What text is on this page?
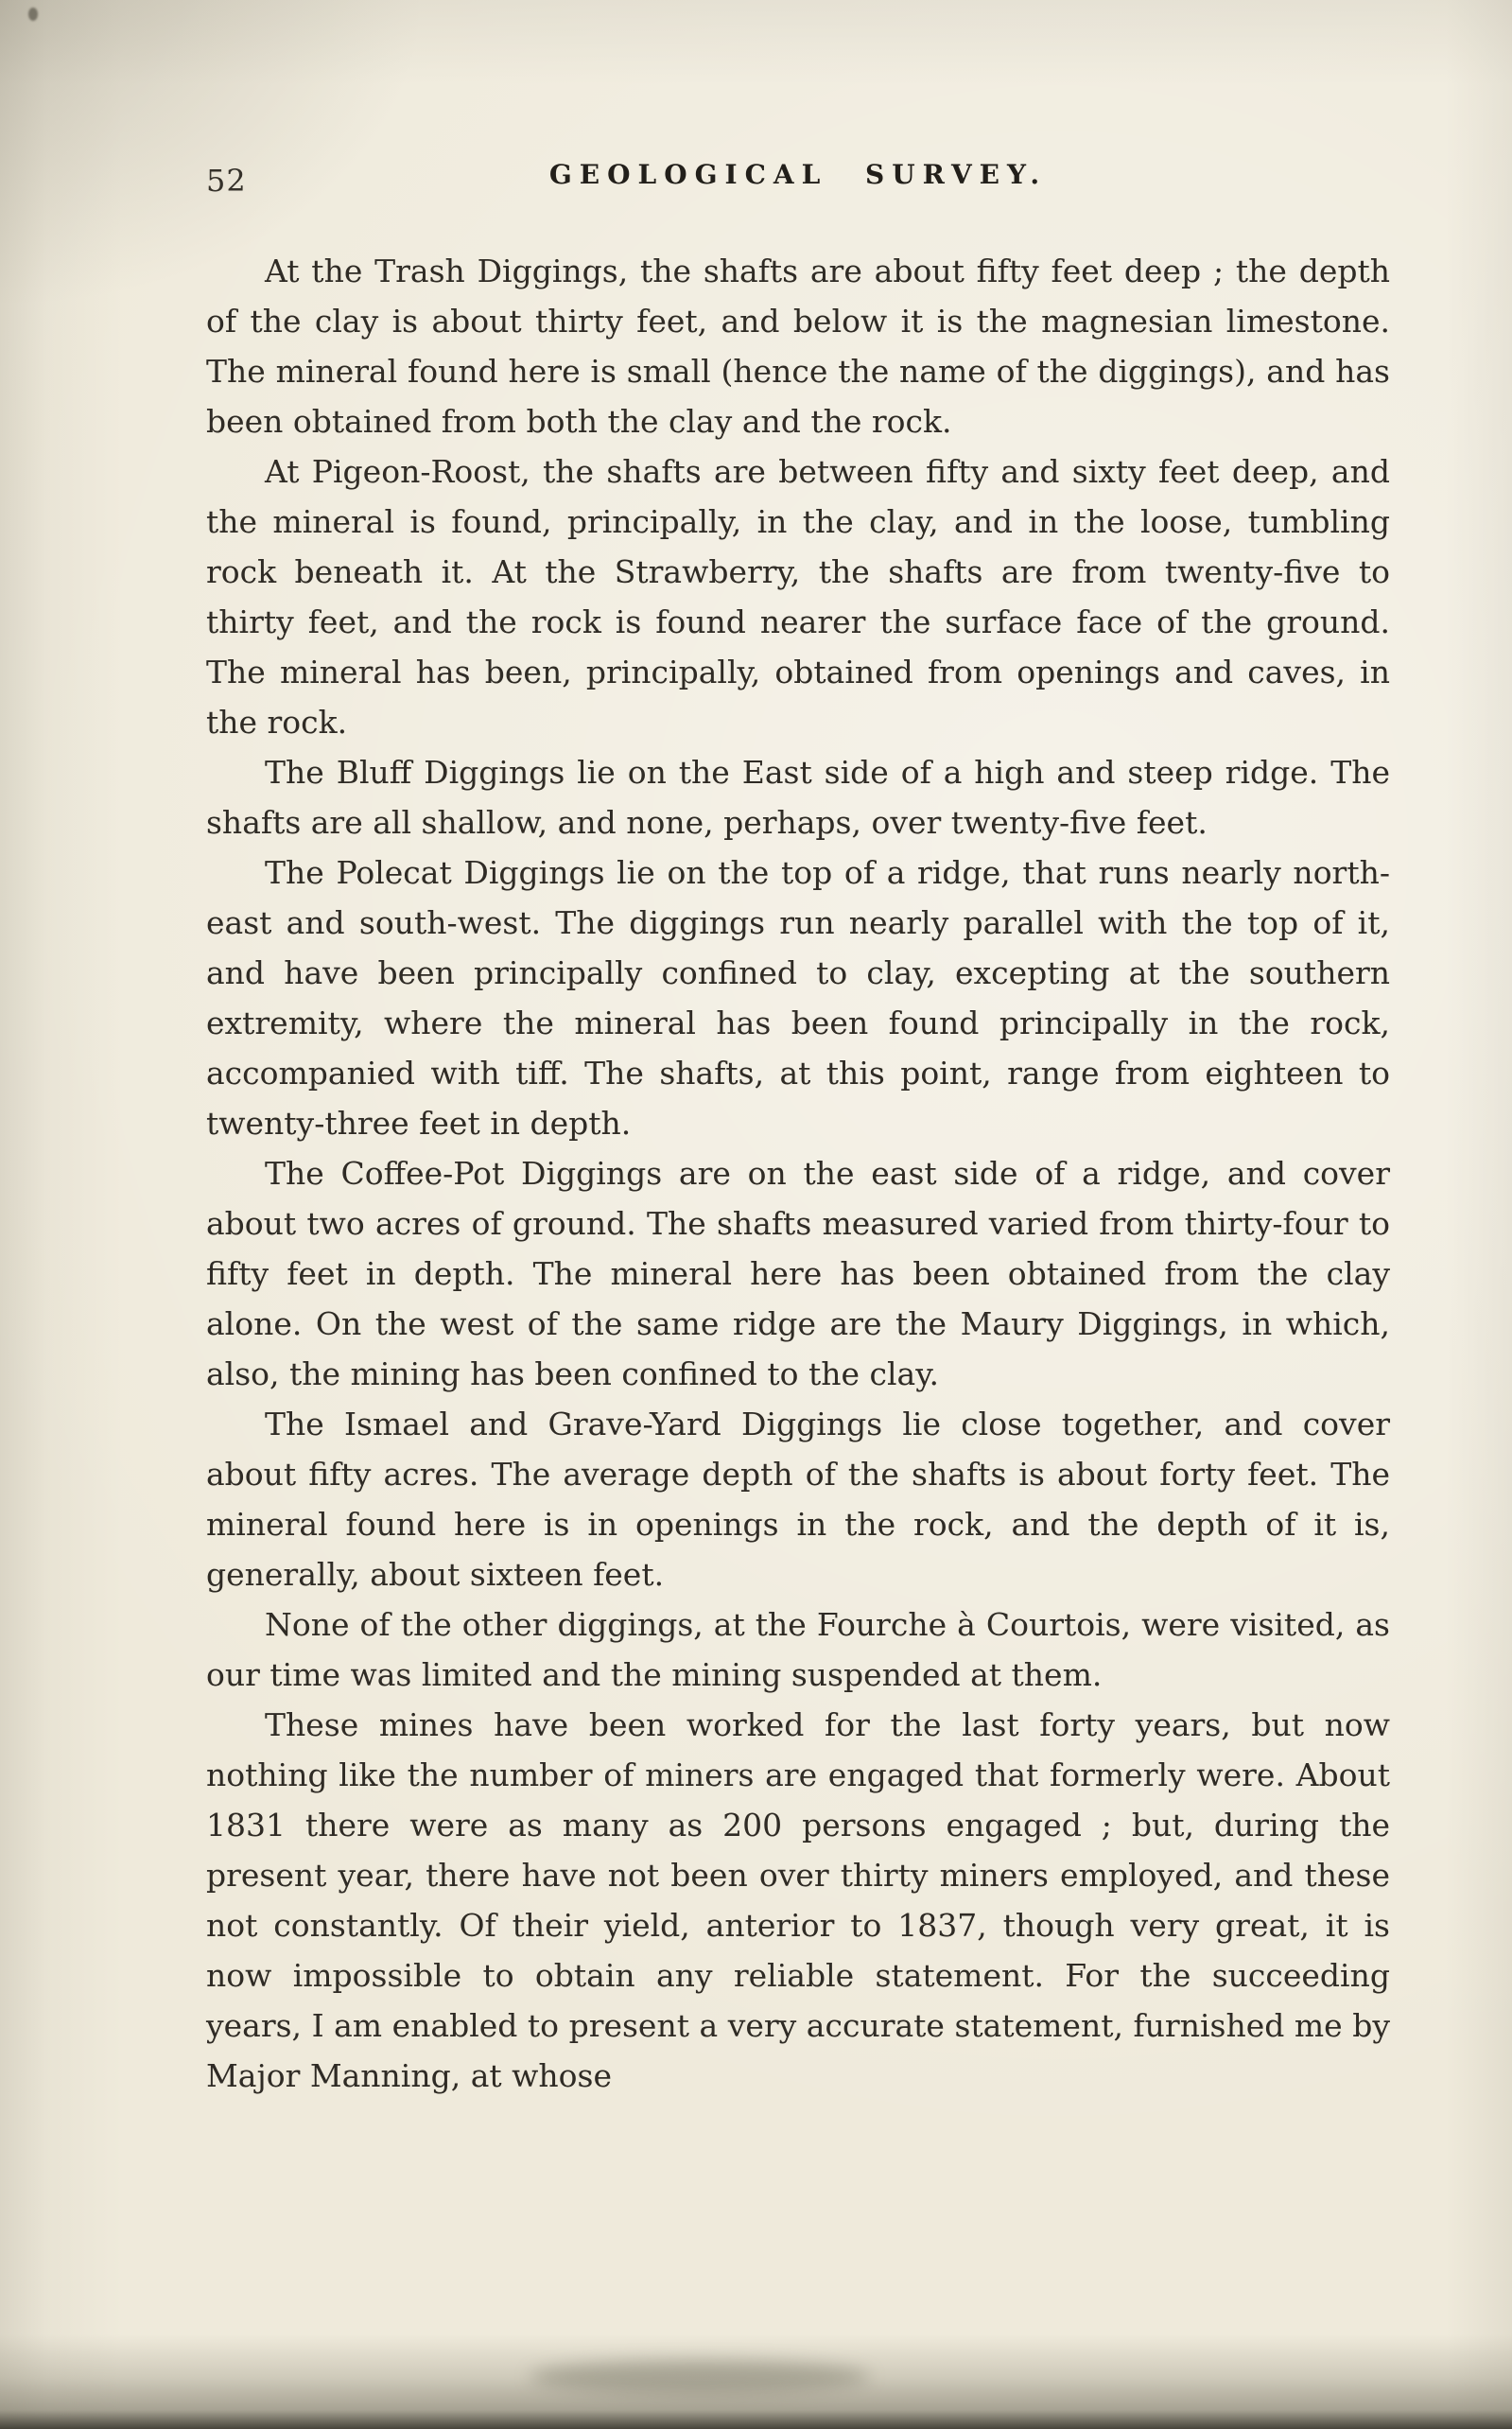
52	GEOLOGICAL SURVEY.

At the Trash Diggings, the shafts are about fifty feet deep ; the depth of the clay is about thirty feet, and below it is the magnesian limestone. The mineral found here is small (hence the name of the diggings), and has been obtained from both the clay and the rock.

At Pigeon-Roost, the shafts are between fifty and sixty feet deep, and the mineral is found, principally, in the clay, and in the loose, tumbling rock beneath it. At the Strawberry, the shafts are from twenty-five to thirty feet, and the rock is found nearer the surface face of the ground. The mineral has been, principally, obtained from openings and caves, in the rock.

The Bluff Diggings lie on the East side of a high and steep ridge. The shafts are all shallow, and none, perhaps, over twenty-five feet.

The Polecat Diggings lie on the top of a ridge, that runs nearly north-east and south-west. The diggings run nearly parallel with the top of it, and have been principally confined to clay, excepting at the southern extremity, where the mineral has been found principally in the rock, accompanied with tiff. The shafts, at this point, range from eighteen to twenty-three feet in depth.

The Coffee-Pot Diggings are on the east side of a ridge, and cover about two acres of ground. The shafts measured varied from thirty-four to fifty feet in depth. The mineral here has been obtained from the clay alone. On the west of the same ridge are the Maury Diggings, in which, also, the mining has been confined to the clay.

The Ismael and Grave-Yard Diggings lie close together, and cover about fifty acres. The average depth of the shafts is about forty feet. The mineral found here is in openings in the rock, and the depth of it is, generally, about sixteen feet.

None of the other diggings, at the Fourche à Courtois, were visited, as our time was limited and the mining suspended at them.

These mines have been worked for the last forty years, but now nothing like the number of miners are engaged that formerly were. About 1831 there were as many as 200 persons engaged ; but, during the present year, there have not been over thirty miners employed, and these not constantly. Of their yield, anterior to 1837, though very great, it is now impossible to obtain any reliable statement. For the succeeding years, I am enabled to present a very accurate statement, furnished me by Major Manning, at whose
